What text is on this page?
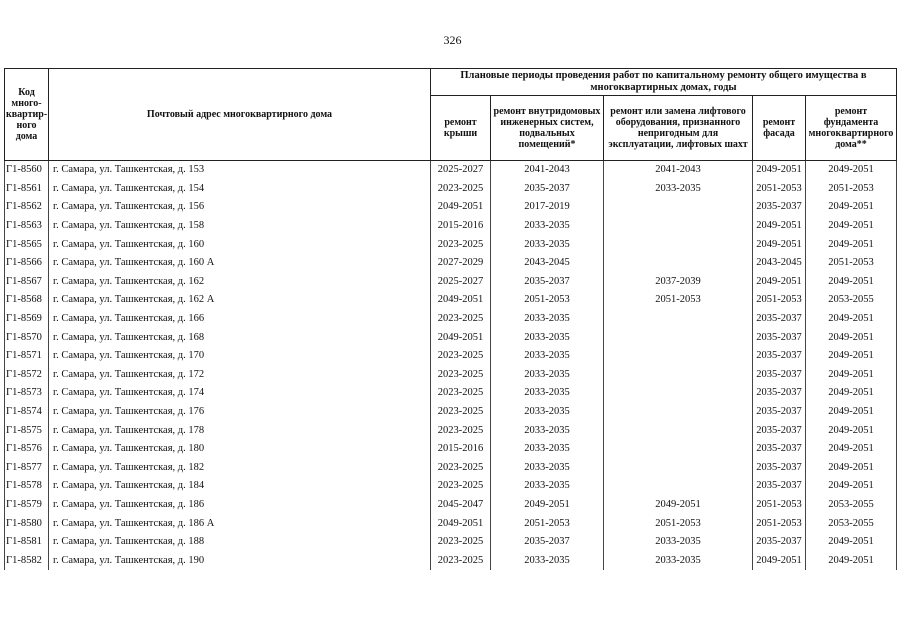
326
Код много-квартир-ного дома	Почтовый адрес многоквартирного дома	Плановые периоды проведения работ по капитальному ремонту общего имущества в многоквартирных домах, годы				
		ремонт крыши	ремонт внутридомовых инженерных систем, подвальных помещений*	ремонт или замена лифтового оборудования, признанного непригодным для эксплуатации, лифтовых шахт	ремонт фасада	ремонт фундамента многоквартирного дома**
Г1-8560	г. Самара, ул. Ташкентская, д. 153	2025-2027	2041-2043	2041-2043	2049-2051	2049-2051
Г1-8561	г. Самара, ул. Ташкентская, д. 154	2023-2025	2035-2037	2033-2035	2051-2053	2051-2053
Г1-8562	г. Самара, ул. Ташкентская, д. 156	2049-2051	2017-2019		2035-2037	2049-2051
Г1-8563	г. Самара, ул. Ташкентская, д. 158	2015-2016	2033-2035		2049-2051	2049-2051
Г1-8565	г. Самара, ул. Ташкентская, д. 160	2023-2025	2033-2035		2049-2051	2049-2051
Г1-8566	г. Самара, ул. Ташкентская, д. 160 А	2027-2029	2043-2045		2043-2045	2051-2053
Г1-8567	г. Самара, ул. Ташкентская, д. 162	2025-2027	2035-2037	2037-2039	2049-2051	2049-2051
Г1-8568	г. Самара, ул. Ташкентская, д. 162 А	2049-2051	2051-2053	2051-2053	2051-2053	2053-2055
Г1-8569	г. Самара, ул. Ташкентская, д. 166	2023-2025	2033-2035		2035-2037	2049-2051
Г1-8570	г. Самара, ул. Ташкентская, д. 168	2049-2051	2033-2035		2035-2037	2049-2051
Г1-8571	г. Самара, ул. Ташкентская, д. 170	2023-2025	2033-2035		2035-2037	2049-2051
Г1-8572	г. Самара, ул. Ташкентская, д. 172	2023-2025	2033-2035		2035-2037	2049-2051
Г1-8573	г. Самара, ул. Ташкентская, д. 174	2023-2025	2033-2035		2035-2037	2049-2051
Г1-8574	г. Самара, ул. Ташкентская, д. 176	2023-2025	2033-2035		2035-2037	2049-2051
Г1-8575	г. Самара, ул. Ташкентская, д. 178	2023-2025	2033-2035		2035-2037	2049-2051
Г1-8576	г. Самара, ул. Ташкентская, д. 180	2015-2016	2033-2035		2035-2037	2049-2051
Г1-8577	г. Самара, ул. Ташкентская, д. 182	2023-2025	2033-2035		2035-2037	2049-2051
Г1-8578	г. Самара, ул. Ташкентская, д. 184	2023-2025	2033-2035		2035-2037	2049-2051
Г1-8579	г. Самара, ул. Ташкентская, д. 186	2045-2047	2049-2051	2049-2051	2051-2053	2053-2055
Г1-8580	г. Самара, ул. Ташкентская, д. 186 А	2049-2051	2051-2053	2051-2053	2051-2053	2053-2055
Г1-8581	г. Самара, ул. Ташкентская, д. 188	2023-2025	2035-2037	2033-2035	2035-2037	2049-2051
Г1-8582	г. Самара, ул. Ташкентская, д. 190	2023-2025	2033-2035	2033-2035	2049-2051	2049-2051
